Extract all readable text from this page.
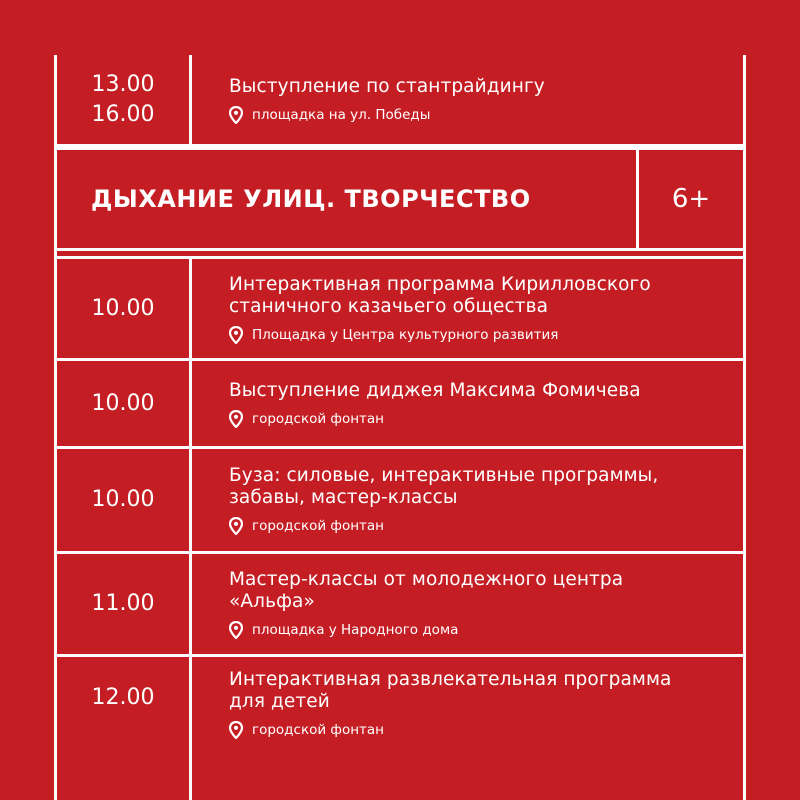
13.00
16.00
Выступление по стантрайдингу
площадка на ул. Победы
ДЫХАНИЕ УЛИЦ. ТВОРЧЕСТВО	6+
10.00
Интерактивная программа Кирилловского
станичного казачьего общества
Площадка у Центра культурного развития
10.00
Выступление диджея Максима Фомичева
городской фонтан
10.00
Буза: силовые, интерактивные программы,
забавы, мастер-классы
городской фонтан
11.00
Мастер-классы от молодежного центра
«Альфа»
площадка у Народного дома
12.00
Интерактивная развлекательная программа
для детей
городской фонтан
